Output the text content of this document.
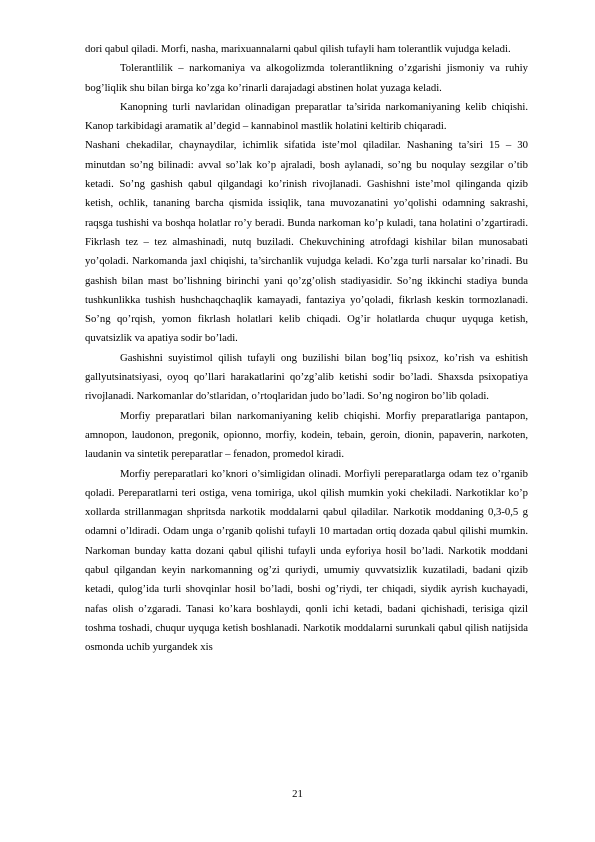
dori qabul qiladi. Morfi, nasha, marixuannalarni qabul qilish tufayli ham tolerantlik vujudga keladi.

Tolerantlilik – narkomaniya va alkogolizmda tolerantlikning o’zgarishi jismoniy va ruhiy bog’liqlik shu bilan birga ko’zga ko’rinarli darajadagi abstinen holat yuzaga keladi.

Kanopning turli navlaridan olinadigan preparatlar ta’sirida narkomaniyaning kelib chiqishi. Kanop tarkibidagi aramatik al’degid – kannabinol mastlik holatini keltirib chiqaradi.

Nashani chekadilar, chaynaydilar, ichimlik sifatida iste’mol qiladilar. Nashaning ta’siri 15 – 30 minutdan so’ng bilinadi: avval so’lak ko’p ajraladi, bosh aylanadi, so’ng bu noqulay sezgilar o’tib ketadi. So’ng gashish qabul qilgandagi ko’rinish rivojlanadi. Gashishni iste’mol qilinganda qizib ketish, ochlik, tananing barcha qismida issiqlik, tana muvozanatini yo’qolishi odamning sakrashi, raqsga tushishi va boshqa holatlar ro’y beradi. Bunda narkoman ko’p kuladi, tana holatini o’zgartiradi. Fikrlash tez – tez almashinadi, nutq buziladi. Chekuvchining atrofdagi kishilar bilan munosabati yo’qoladi. Narkomanda jaxl chiqishi, ta’sirchanlik vujudga keladi. Ko’zga turli narsalar ko’rinadi. Bu gashish bilan mast bo’lishning birinchi yani qo’zg’olish stadiyasidir. So’ng ikkinchi stadiya bunda tushkunlikka tushish hushchaqchaqlik kamayadi, fantaziya yo’qoladi, fikrlash keskin tormozlanadi. So’ng qo’rqish, yomon fikrlash holatlari kelib chiqadi. Og’ir holatlarda chuqur uyquga ketish, quvatsizlik va apatiya sodir bo’ladi.

Gashishni suyistimol qilish tufayli ong buzilishi bilan bog’liq psixoz, ko’rish va eshitish gallyutsinatsiyasi, oyoq qo’llari harakatlarini qo’zg’alib ketishi sodir bo’ladi. Shaxsda psixopatiya rivojlanadi. Narkomanlar do’stlaridan, o’rtoqlaridan judo bo’ladi. So’ng nogiron bo’lib qoladi.

Morfiy preparatlari bilan narkomaniyaning kelib chiqishi. Morfiy preparatlariga pantapon, amnopon, laudonon, pregonik, opionno, morfiy, kodein, tebain, geroin, dionin, papaverin, narkoten, laudanin va sintetik pereparatlar – fenadon, promedol kiradi.

Morfiy pereparatlari ko’knori o’simligidan olinadi. Morfiyli pereparatlarga odam tez o’rganib qoladi. Pereparatlarni teri ostiga, vena tomiriga, ukol qilish mumkin yoki chekiladi. Narkotiklar ko’p xollarda strillanmagan shpritsda narkotik moddalarni qabul qiladilar. Narkotik moddaning 0,3-0,5 g odamni o’ldiradi. Odam unga o’rganib qolishi tufayli 10 martadan ortiq dozada qabul qilishi mumkin. Narkoman bunday katta dozani qabul qilishi tufayli unda eyforiya hosil bo’ladi. Narkotik moddani qabul qilgandan keyin narkomanning og’zi quriydi, umumiy quvvatsizlik kuzatiladi, badani qizib ketadi, qulog’ida turli shovqinlar hosil bo’ladi, boshi og’riydi, ter chiqadi, siydik ayrish kuchayadi, nafas olish o’zgaradi. Tanasi ko’kara boshlaydi, qonli ichi ketadi, badani qichishadi, terisiga qizil toshma toshadi, chuqur uyquga ketish boshlanadi. Narkotik moddalarni surunkali qabul qilish natijsida osmonda uchib yurgandek xis

21
